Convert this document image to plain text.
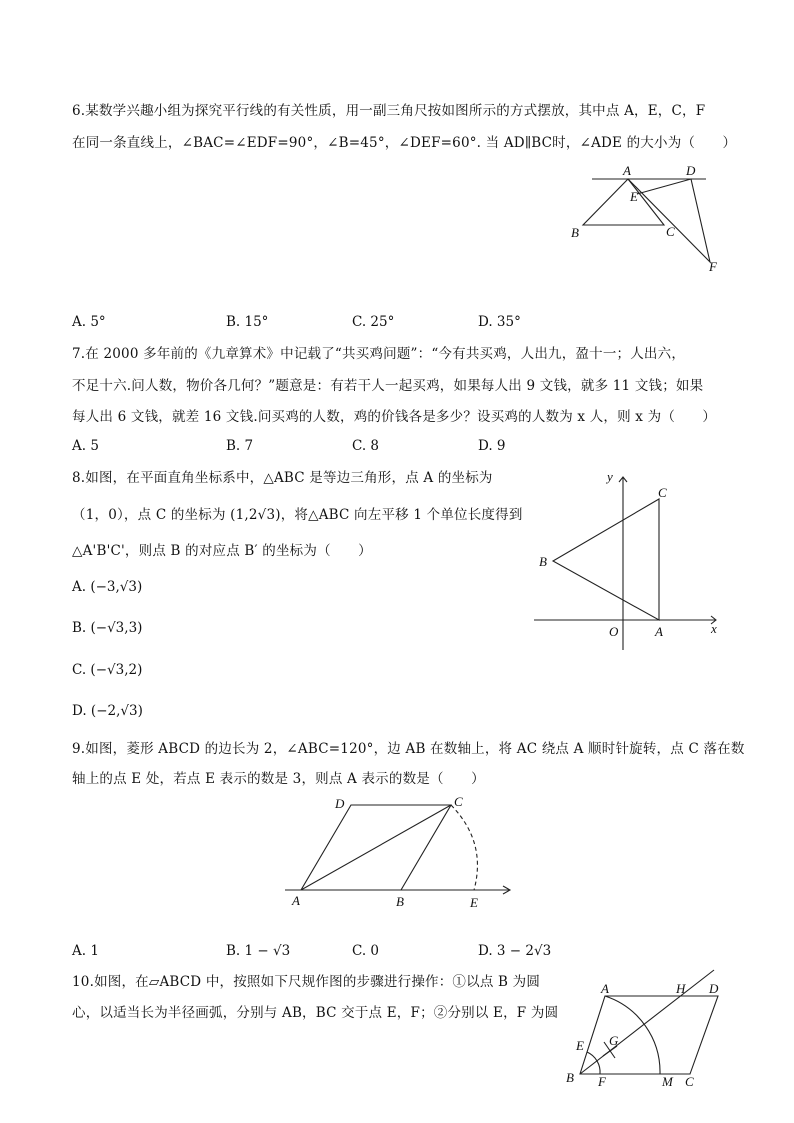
6.某数学兴趣小组为探究平行线的有关性质，用一副三角尺按如图所示的方式摆放，其中点 A，E，C，F
在同一条直线上，∠BAC=∠EDF=90°，∠B=45°，∠DEF=60°. 当 AD∥BC时，∠ADE 的大小为（　　）
A	D
E
B	C
F
A. 5°	B. 15°	C. 25°	D. 35°
7.在 2000 多年前的《九章算术》中记载了“共买鸡问题”：“今有共买鸡，人出九，盈十一；人出六，
不足十六.问人数，物价各几何？”题意是：有若干人一起买鸡，如果每人出 9 文钱，就多 11 文钱；如果
每人出 6 文钱，就差 16 文钱.问买鸡的人数，鸡的价钱各是多少？设买鸡的人数为 x 人，则 x 为（　　）
A. 5	B. 7	C. 8	D. 9
8.如图，在平面直角坐标系中，△ABC 是等边三角形，点 A 的坐标为
（1，0），点 C 的坐标为 (1,2√3)，将△ABC 向左平移 1 个单位长度得到
△A'B'C'，则点 B 的对应点 B′ 的坐标为（　　）
y
x
O	A
B
C
A. (−3,√3)
B. (−√3,3)
C. (−√3,2)
D. (−2,√3)
9.如图，菱形 ABCD 的边长为 2，∠ABC=120°，边 AB 在数轴上，将 AC 绕点 A 顺时针旋转，点 C 落在数
轴上的点 E 处，若点 E 表示的数是 3，则点 A 表示的数是（　　）
D	C
A	B	E
A. 1	B. 1 − √3	C. 0	D. 3 − 2√3
10.如图，在▱ABCD 中，按照如下尺规作图的步骤进行操作：①以点 B 为圆
心，以适当长为半径画弧，分别与 AB，BC 交于点 E，F；②分别以 E，F 为圆
A	H D
G
E
B F	M C
